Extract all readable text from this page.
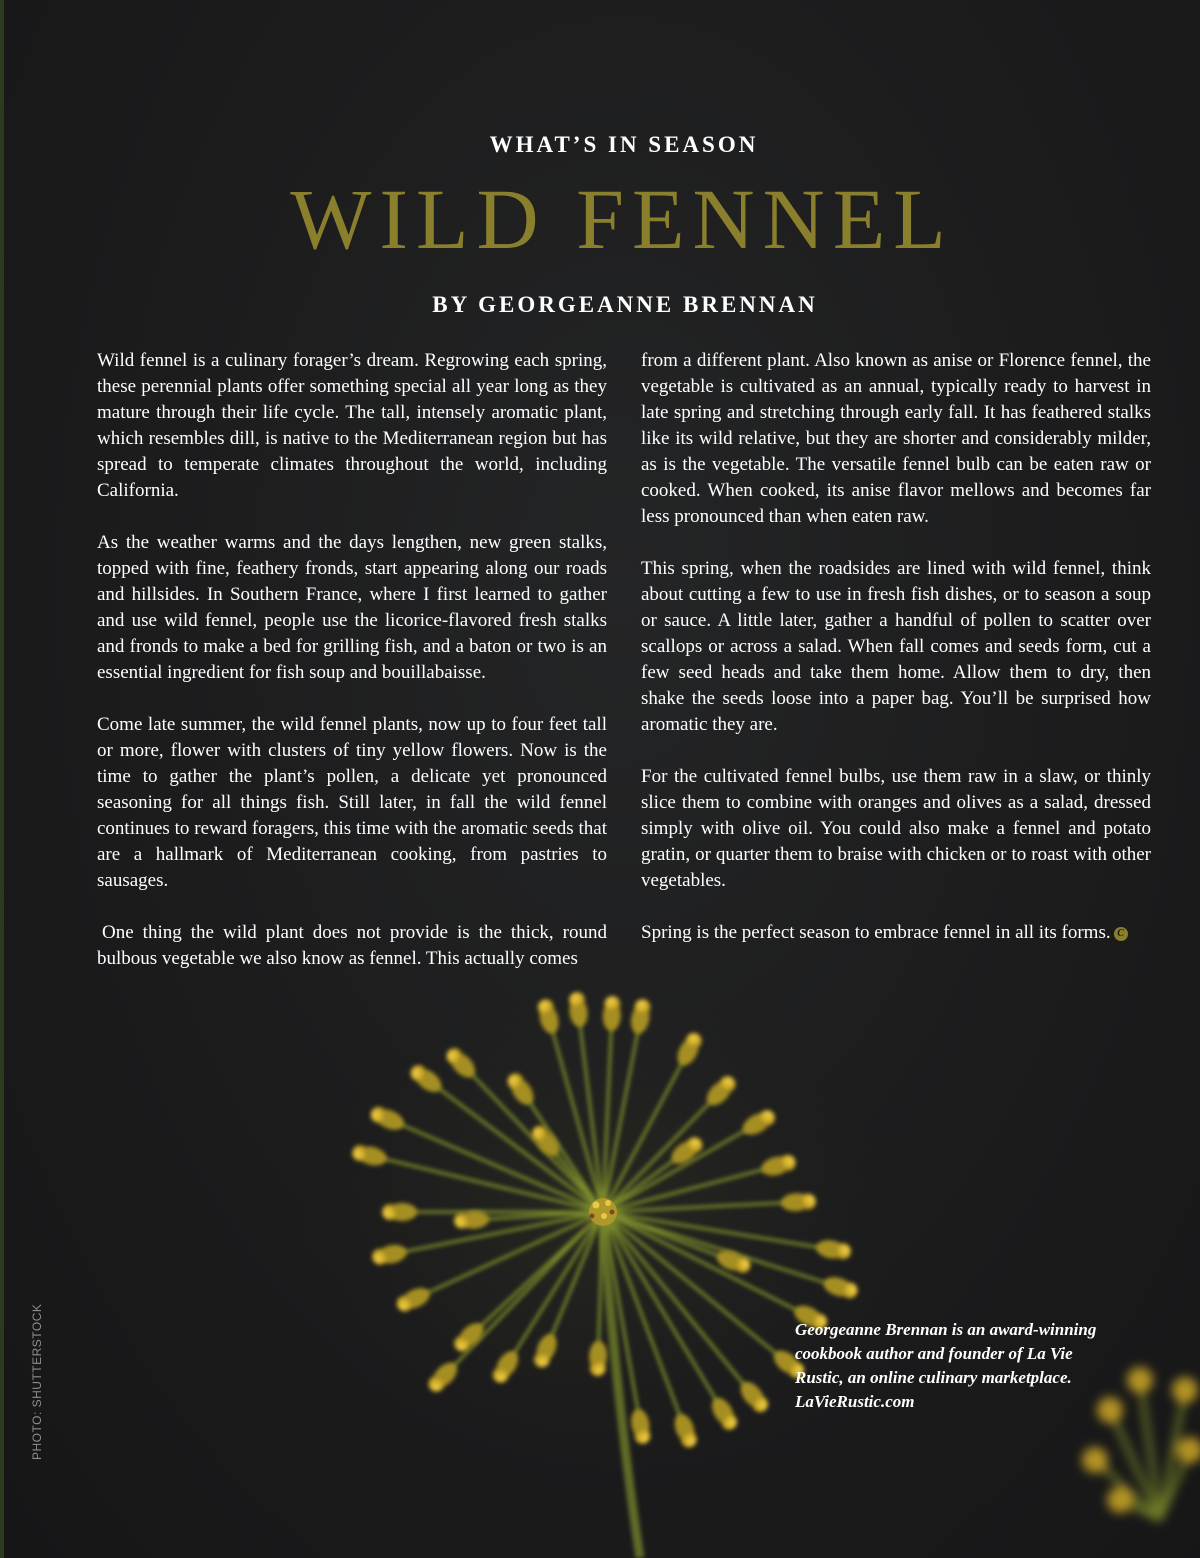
WHAT’S IN SEASON
WILD FENNEL
BY GEORGEANNE BRENNAN

Wild fennel is a culinary forager’s dream. Regrowing each spring, these perennial plants offer something special all year long as they mature through their life cycle. The tall, intensely aromatic plant, which resembles dill, is native to the Mediterranean region but has spread to temperate climates throughout the world, including California.

As the weather warms and the days lengthen, new green stalks, topped with fine, feathery fronds, start appearing along our roads and hillsides. In Southern France, where I first learned to gather and use wild fennel, people use the licorice-flavored fresh stalks and fronds to make a bed for grilling fish, and a baton or two is an essential ingredient for fish soup and bouillabaisse.

Come late summer, the wild fennel plants, now up to four feet tall or more, flower with clusters of tiny yellow flowers. Now is the time to gather the plant’s pollen, a delicate yet pronounced seasoning for all things fish. Still later, in fall the wild fennel continues to reward foragers, this time with the aromatic seeds that are a hallmark of Mediterranean cooking, from pastries to sausages.

One thing the wild plant does not provide is the thick, round bulbous vegetable we also know as fennel. This actually comes

from a different plant. Also known as anise or Florence fennel, the vegetable is cultivated as an annual, typically ready to harvest in late spring and stretching through early fall. It has feathered stalks like its wild relative, but they are shorter and considerably milder, as is the vegetable. The versatile fennel bulb can be eaten raw or cooked. When cooked, its anise flavor mellows and becomes far less pronounced than when eaten raw.

This spring, when the roadsides are lined with wild fennel, think about cutting a few to use in fresh fish dishes, or to season a soup or sauce. A little later, gather a handful of pollen to scatter over scallops or across a salad. When fall comes and seeds form, cut a few seed heads and take them home. Allow them to dry, then shake the seeds loose into a paper bag. You’ll be surprised how aromatic they are.

For the cultivated fennel bulbs, use them raw in a slaw, or thinly slice them to combine with oranges and olives as a salad, dressed simply with olive oil. You could also make a fennel and potato gratin, or quarter them to braise with chicken or to roast with other vegetables.

Spring is the perfect season to embrace fennel in all its forms. C

PHOTO: SHUTTERSTOCK	Georgeanne Brennan is an award-winning cookbook author and founder of La Vie Rustic, an online culinary marketplace. LaVieRustic.com
